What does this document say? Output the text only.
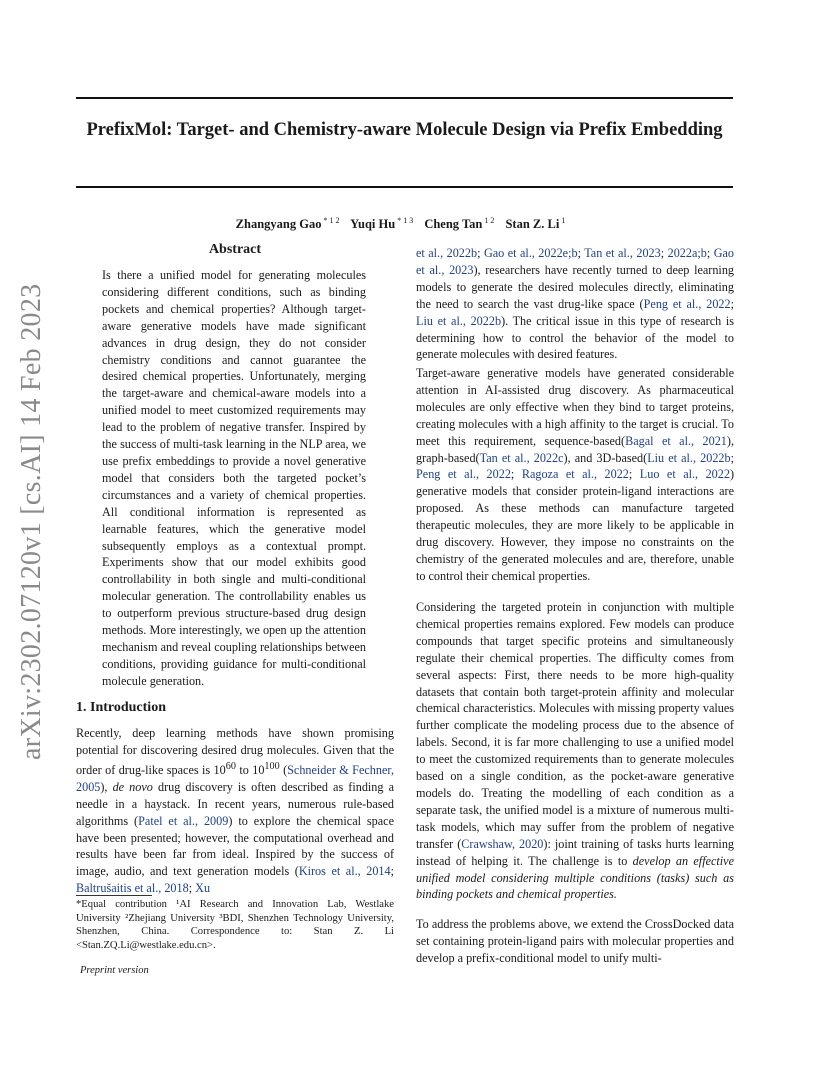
PrefixMol: Target- and Chemistry-aware Molecule Design via Prefix Embedding
Zhangyang Gao $^{* 1 2}$ Yuqi Hu $^{* 1 3}$ Cheng Tan $^{1 2}$ Stan Z. Li $^1$
arXiv:2302.07120v1 [cs.AI] 14 Feb 2023
Abstract

Is there a unified model for generating molecules considering different conditions, such as binding pockets and chemical properties? Although target-aware generative models have made significant advances in drug design, they do not consider chemistry conditions and cannot guarantee the desired chemical properties. Unfortunately, merging the target-aware and chemical-aware models into a unified model to meet customized requirements may lead to the problem of negative transfer. Inspired by the success of multi-task learning in the NLP area, we use prefix embeddings to provide a novel generative model that considers both the targeted pocket’s circumstances and a variety of chemical properties. All conditional information is represented as learnable features, which the generative model subsequently employs as a contextual prompt. Experiments show that our model exhibits good controllability in both single and multi-conditional molecular generation. The controllability enables us to outperform previous structure-based drug design methods. More interestingly, we open up the attention mechanism and reveal coupling relationships between conditions, providing guidance for multi-conditional molecule generation.

1. Introduction

Recently, deep learning methods have shown promising potential for discovering desired drug molecules. Given that the order of drug-like spaces is $10^{60}$ to $10^{100}$ (Schneider & Fechner, 2005), de novo drug discovery is often described as finding a needle in a haystack. In recent years, numerous rule-based algorithms (Patel et al., 2009) to explore the chemical space have been presented; however, the computational overhead and results have been far from ideal. Inspired by the success of image, audio, and text generation models (Kiros et al., 2014; Baltrušaitis et al., 2018; Xu

*Equal contribution ¹AI Research and Innovation Lab, Westlake University ²Zhejiang University ³BDI, Shenzhen Technology University, Shenzhen, China. Correspondence to: Stan Z. Li <Stan.ZQ.Li@westlake.edu.cn>.

Preprint version

et al., 2022b; Gao et al., 2022e;b; Tan et al., 2023; 2022a;b; Gao et al., 2023), researchers have recently turned to deep learning models to generate the desired molecules directly, eliminating the need to search the vast drug-like space (Peng et al., 2022; Liu et al., 2022b). The critical issue in this type of research is determining how to control the behavior of the model to generate molecules with desired features.

Target-aware generative models have generated considerable attention in AI-assisted drug discovery. As pharmaceutical molecules are only effective when they bind to target proteins, creating molecules with a high affinity to the target is crucial. To meet this requirement, sequence-based(Bagal et al., 2021), graph-based(Tan et al., 2022c), and 3D-based(Liu et al., 2022b; Peng et al., 2022; Ragoza et al., 2022; Luo et al., 2022) generative models that consider protein-ligand interactions are proposed. As these methods can manufacture targeted therapeutic molecules, they are more likely to be applicable in drug discovery. However, they impose no constraints on the chemistry of the generated molecules and are, therefore, unable to control their chemical properties.

Considering the targeted protein in conjunction with multiple chemical properties remains explored. Few models can produce compounds that target specific proteins and simultaneously regulate their chemical properties. The difficulty comes from several aspects: First, there needs to be more high-quality datasets that contain both target-protein affinity and molecular chemical characteristics. Molecules with missing property values further complicate the modeling process due to the absence of labels. Second, it is far more challenging to use a unified model to meet the customized requirements than to generate molecules based on a single condition, as the pocket-aware generative models do. Treating the modelling of each condition as a separate task, the unified model is a mixture of numerous multi-task models, which may suffer from the problem of negative transfer (Crawshaw, 2020): joint training of tasks hurts learning instead of helping it. The challenge is to develop an effective unified model considering multiple conditions (tasks) such as binding pockets and chemical properties.

To address the problems above, we extend the CrossDocked data set containing protein-ligand pairs with molecular properties and develop a prefix-conditional model to unify multi-
